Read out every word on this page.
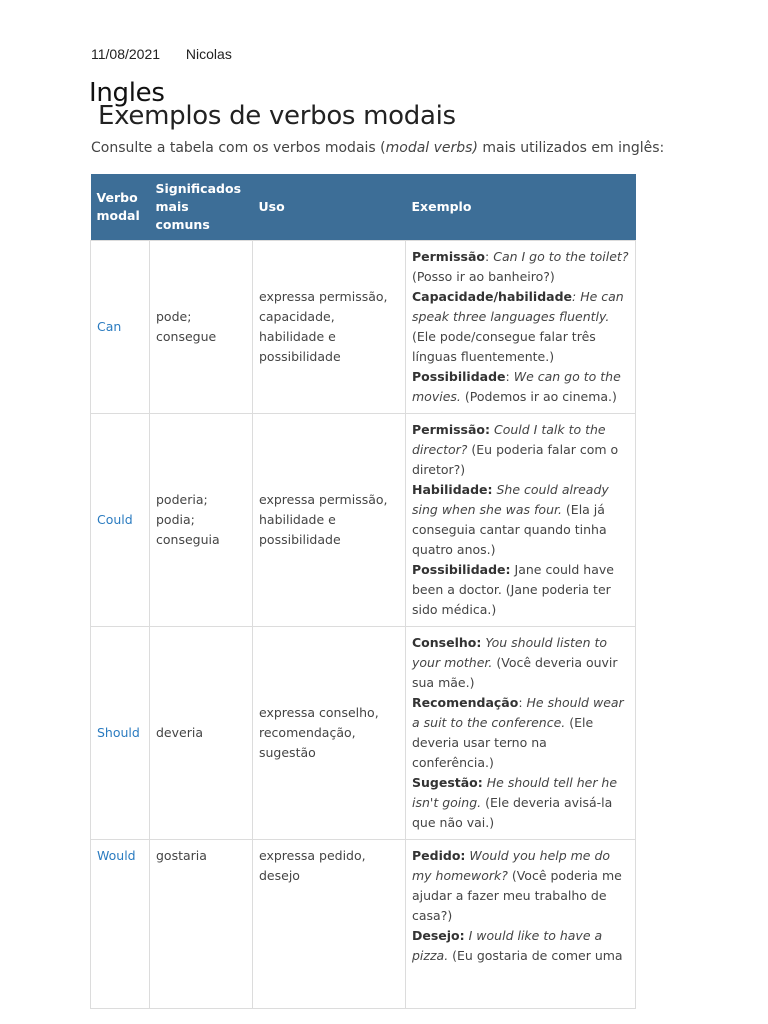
11/08/2021 Nicolas
Ingles
Exemplos de verbos modais
Consulte a tabela com os verbos modais (modal verbs) mais utilizados em inglês:
Verbo modal	Significados mais comuns	Uso	Exemplo
Can	pode; consegue	expressa permissão, capacidade, habilidade e possibilidade	Permissão: Can I go to the toilet? (Posso ir ao banheiro?)
Capacidade/habilidade: He can speak three languages fluently. (Ele pode/consegue falar três línguas fluentemente.)
Possibilidade: We can go to the movies. (Podemos ir ao cinema.)

Could	poderia; podia; conseguia	expressa permissão, habilidade e possibilidade	Permissão: Could I talk to the director? (Eu poderia falar com o diretor?)
Habilidade: She could already sing when she was four. (Ela já conseguia cantar quando tinha quatro anos.)
Possibilidade: Jane could have been a doctor. (Jane poderia ter sido médica.)

Should	deveria	expressa conselho, recomendação, sugestão	Conselho: You should listen to your mother. (Você deveria ouvir sua mãe.)
Recomendação: He should wear a suit to the conference. (Ele deveria usar terno na conferência.)
Sugestão: He should tell her he isn't going. (Ele deveria avisá-la que não vai.)

Would	gostaria	expressa pedido, desejo	Pedido: Would you help me do my homework? (Você poderia me ajudar a fazer meu trabalho de casa?)
Desejo: I would like to have a pizza. (Eu gostaria de comer uma
